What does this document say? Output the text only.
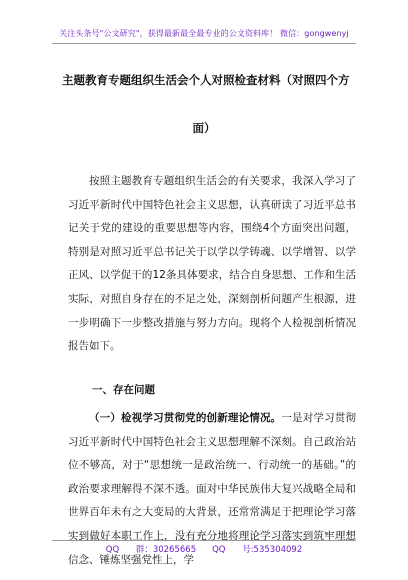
关注头条号"公文研究"，获得最新最全最专业的公文资料库！ 微信：gongwenyj
主题教育专题组织生活会个人对照检查材料（对照四个方
面）
按照主题教育专题组织生活会的有关要求，我深入学习了习近平新时代中国特色社会主义思想，认真研读了习近平总书记关于党的建设的重要思想等内容，围绕4个方面突出问题，特别是对照习近平总书记关于以学以学铸魂、以学增智、以学正风、以学促干的12条具体要求，结合自身思想、工作和生活实际，对照自身存在的不足之处，深刻剖析问题产生根源，进一步明确下一步整改措施与努力方向。现将个人检视剖析情况报告如下。
一、存在问题
（一）检视学习贯彻党的创新理论情况。一是对学习贯彻习近平新时代中国特色社会主义思想理解不深刻。自己政治站位不够高，对于“思想统一是政治统一、行动统一的基础。”的政治要求理解得不深不透。面对中华民族伟大复兴战略全局和世界百年未有之大变局的大背景，还常常满足于把理论学习落实到做好本职工作上，没有充分地将理论学习落实到筑牢理想信念、锤炼坚强党性上，学
QQ 群：30265665 QQ 号:535304092
